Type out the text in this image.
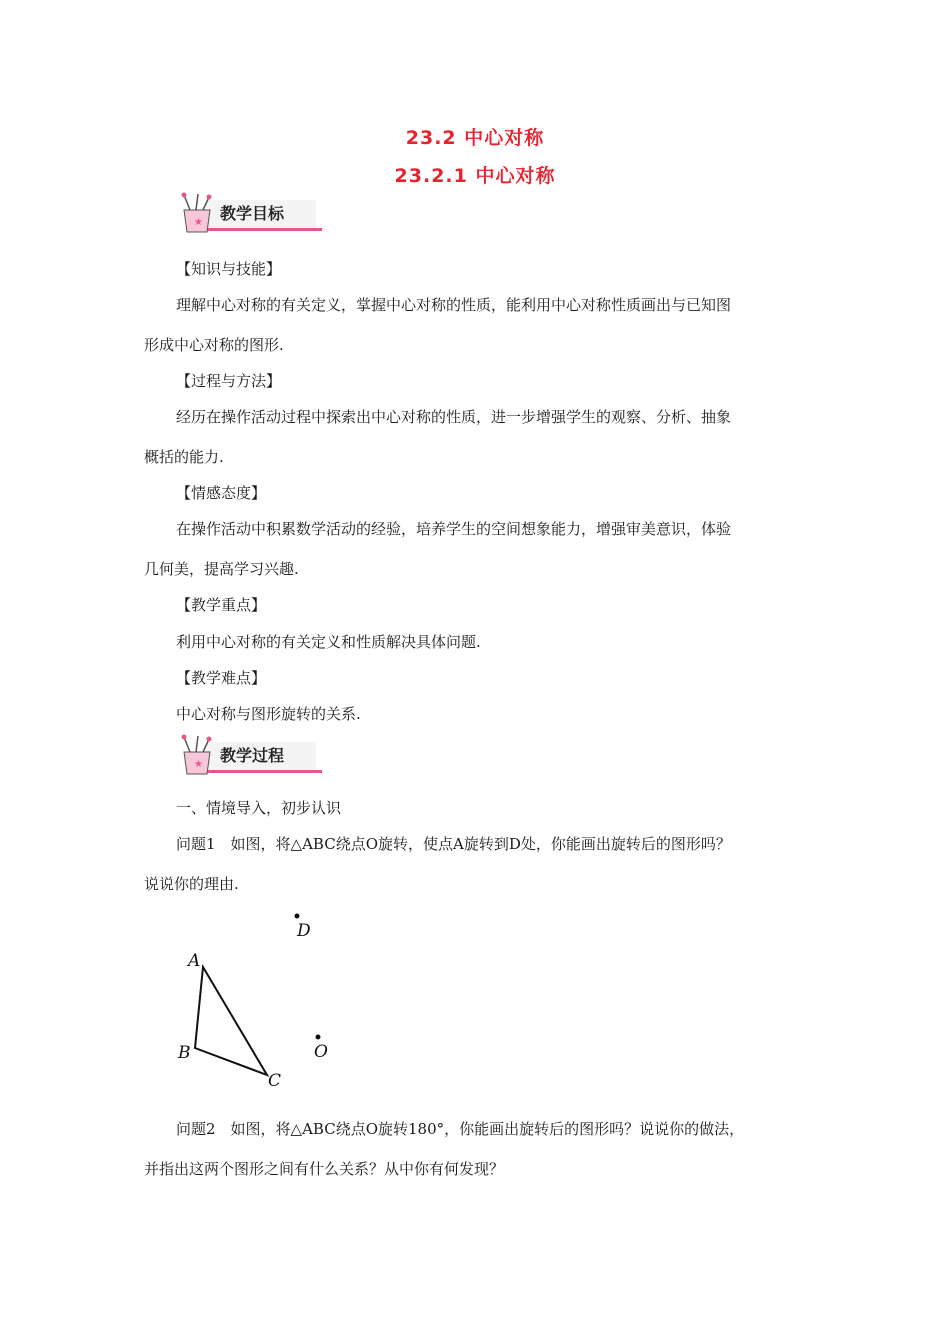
23.2 中心对称
23.2.1 中心对称
★ 教学目标
【知识与技能】
理解中心对称的有关定义，掌握中心对称的性质，能利用中心对称性质画出与已知图
形成中心对称的图形.
【过程与方法】
经历在操作活动过程中探索出中心对称的性质，进一步增强学生的观察、分析、抽象
概括的能力.
【情感态度】
在操作活动中积累数学活动的经验，培养学生的空间想象能力，增强审美意识，体验
几何美，提高学习兴趣.
【教学重点】
利用中心对称的有关定义和性质解决具体问题.
【教学难点】
中心对称与图形旋转的关系.
★ 教学过程
一、情境导入，初步认识
问题1　如图，将△ABC绕点O旋转，使点A旋转到D处，你能画出旋转后的图形吗？
说说你的理由.
A
B
C
D
O
问题2　如图，将△ABC绕点O旋转180°，你能画出旋转后的图形吗？说说你的做法，
并指出这两个图形之间有什么关系？从中你有何发现？
